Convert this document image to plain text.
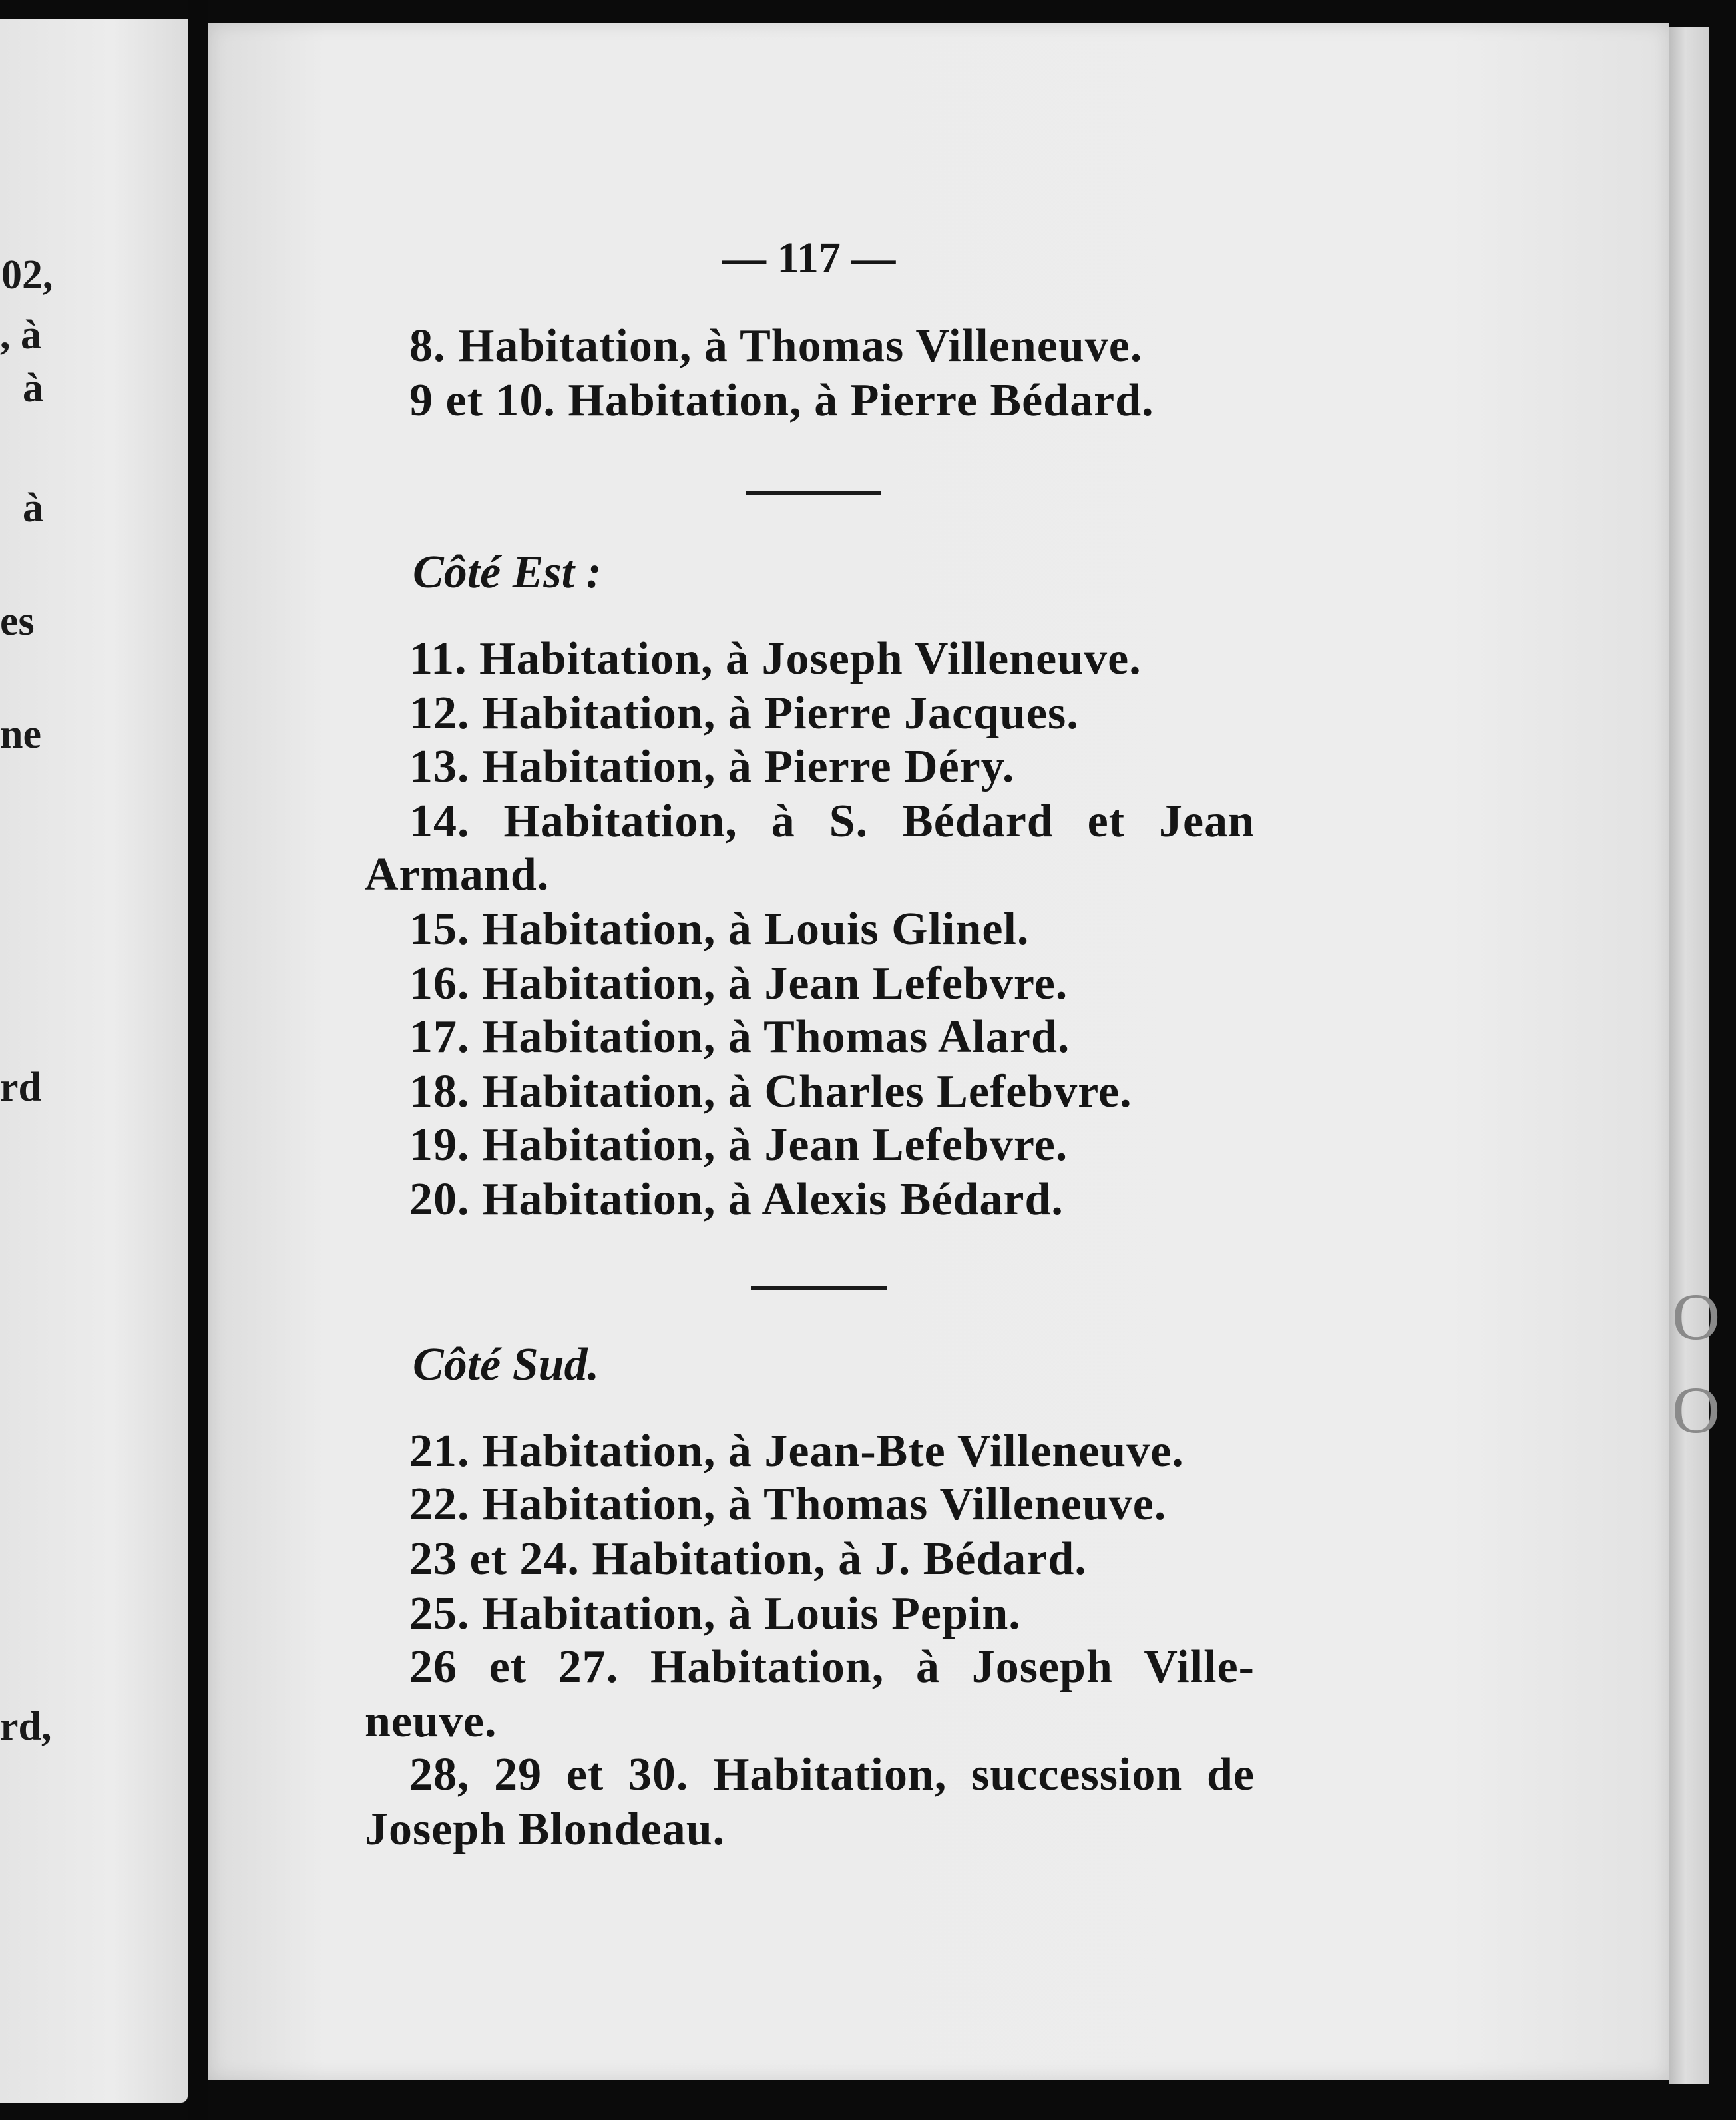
02,
, à
à
à
es
ne
rd
rd,
O
O
— 117 —
8. Habitation, à Thomas Villeneuve.
9 et 10. Habitation, à Pierre Bédard.
Côté Est :
11. Habitation, à Joseph Villeneuve.
12. Habitation, à Pierre Jacques.
13. Habitation, à Pierre Déry.
14. Habitation, à S. Bédard et Jean
Armand.
15. Habitation, à Louis Glinel.
16. Habitation, à Jean Lefebvre.
17. Habitation, à Thomas Alard.
18. Habitation, à Charles Lefebvre.
19. Habitation, à Jean Lefebvre.
20. Habitation, à Alexis Bédard.
Côté Sud.
21. Habitation, à Jean-Bte Villeneuve.
22. Habitation, à Thomas Villeneuve.
23 et 24. Habitation, à J. Bédard.
25. Habitation, à Louis Pepin.
26 et 27. Habitation, à Joseph Ville-
neuve.
28, 29 et 30. Habitation, succession de
Joseph Blondeau.
